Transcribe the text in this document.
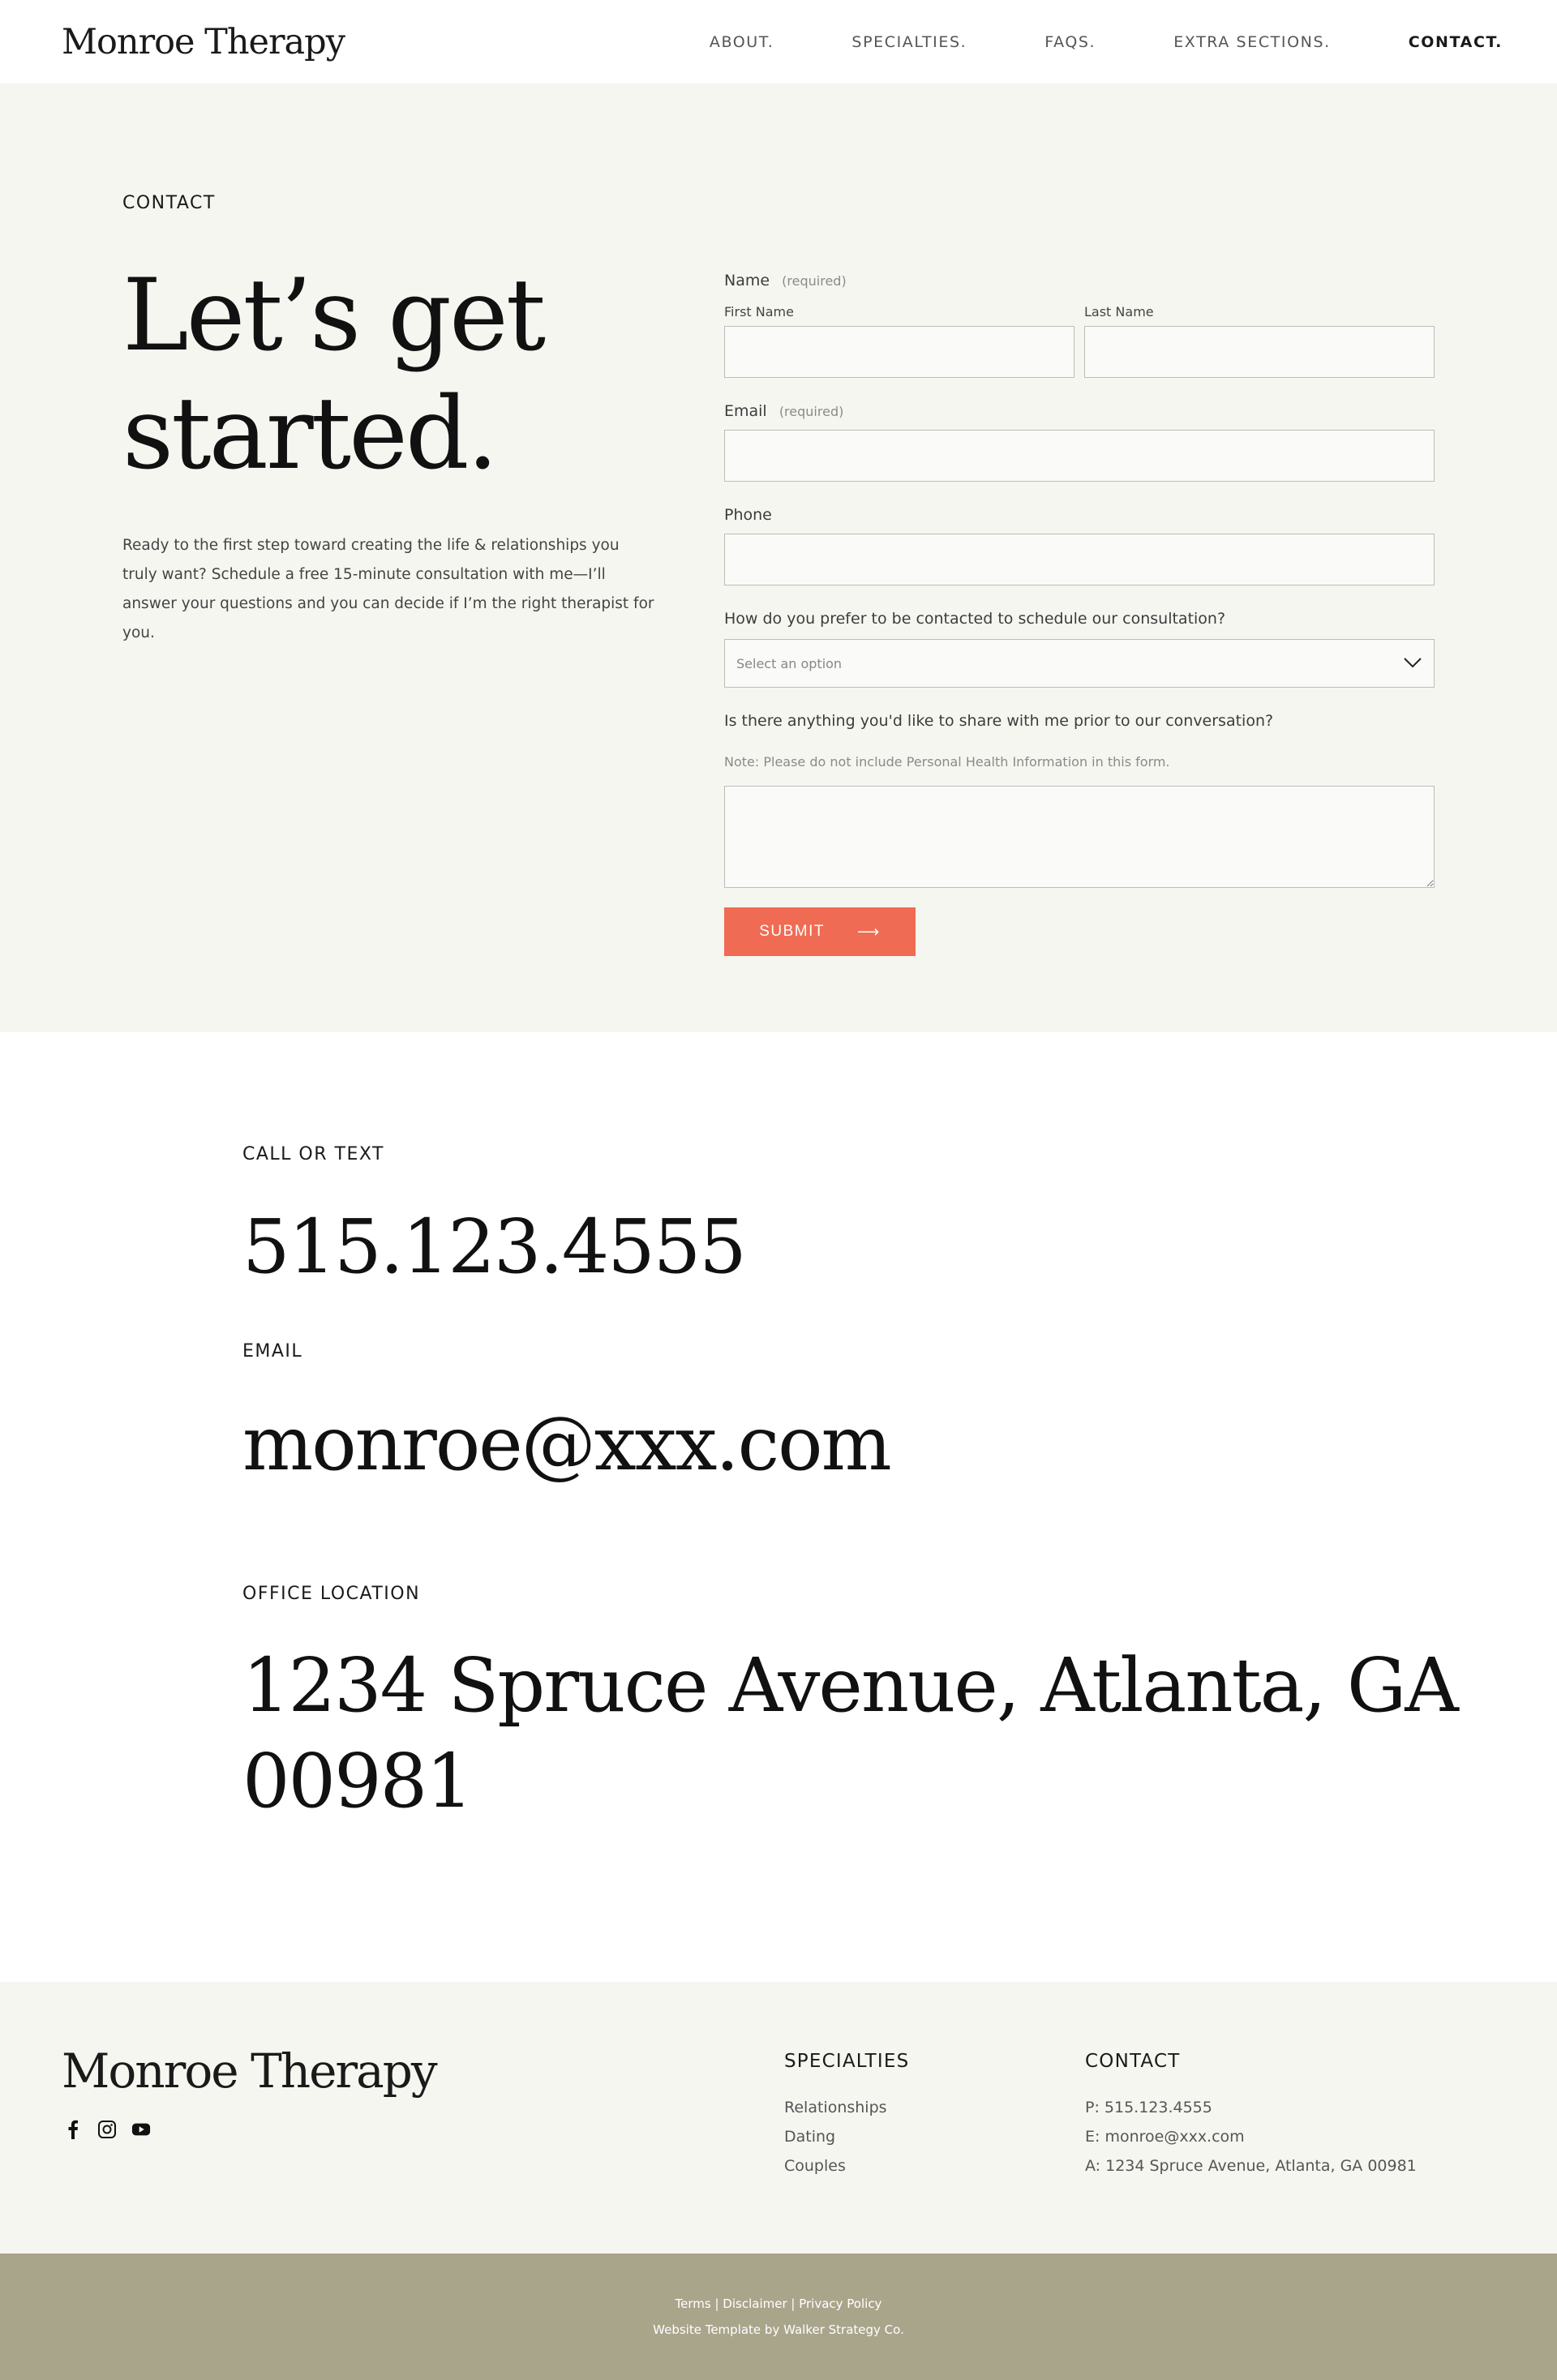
Monroe Therapy	ABOUT.	SPECIALTIES.	FAQS.	EXTRA SECTIONS.	CONTACT.
CONTACT
Let’s get
started.

Ready to the first step toward creating the life & relationships you truly want? Schedule a free 15-minute consultation with me—I’ll answer your questions and you can decide if I’m the right therapist for you.

Name (required)
First Name	Last Name
Email (required)
Phone
How do you prefer to be contacted to schedule our consultation?
Select an option
Is there anything you'd like to share with me prior to our conversation?
Note: Please do not include Personal Health Information in this form.
SUBMIT ⟶
CALL OR TEXT
515.123.4555
EMAIL
monroe@xxx.com
OFFICE LOCATION
1234 Spruce Avenue, Atlanta, GA
00981
Monroe Therapy	SPECIALTIES
Relationships
Dating
Couples
CONTACT
P: 515.123.4555
E: monroe@xxx.com
A: 1234 Spruce Avenue, Atlanta, GA 00981
Terms | Disclaimer | Privacy Policy
Website Template by Walker Strategy Co.
